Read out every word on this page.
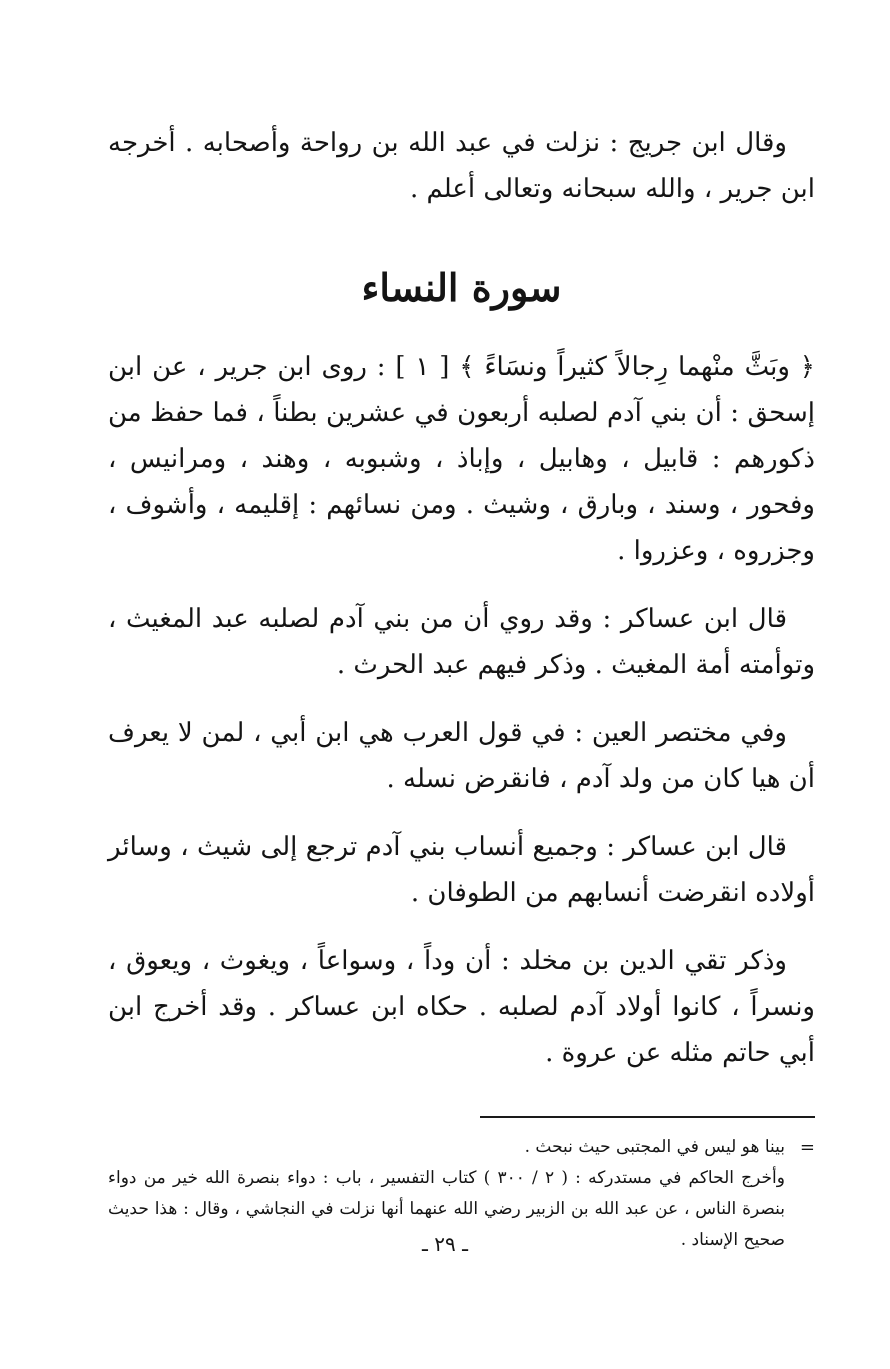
وقال ابن جريج : نزلت في عبد الله بن رواحة وأصحابه . أخرجه ابن جرير ، والله سبحانه وتعالى أعلم .

سورة النساء

﴿ وبَثَّ منْهما رِجالاً كثيراً ونسَاءً ﴾ [ ١ ] : روى ابن جرير ، عن ابن إسحق : أن بني آدم لصلبه أربعون في عشرين بطناً ، فما حفظ من ذكورهم : قابيل ، وهابيل ، وإباذ ، وشبوبه ، وهند ، ومرانيس ، وفحور ، وسند ، وبارق ، وشيث . ومن نسائهم : إقليمه ، وأشوف ، وجزروه ، وعزروا .

قال ابن عساكر : وقد روي أن من بني آدم لصلبه عبد المغيث ، وتوأمته أمة المغيث . وذكر فيهم عبد الحرث .

وفي مختصر العين : في قول العرب هي ابن أبي ، لمن لا يعرف أن هيا كان من ولد آدم ، فانقرض نسله .

قال ابن عساكر : وجميع أنساب بني آدم ترجع إلى شيث ، وسائر أولاده انقرضت أنسابهم من الطوفان .

وذكر تقي الدين بن مخلد : أن وداً ، وسواعاً ، ويغوث ، ويعوق ، ونسراً ، كانوا أولاد آدم لصلبه . حكاه ابن عساكر . وقد أخرج ابن أبي حاتم مثله عن عروة .

=

بينا هو ليس في المجتبى حيث نبحث .

وأخرج الحاكم في مستدركه : ( ٢ / ٣٠٠ ) كتاب التفسير ، باب : دواء بنصرة الله خير من دواء بنصرة الناس ، عن عبد الله بن الزبير رضي الله عنهما أنها نزلت في النجاشي ، وقال : هذا حديث صحيح الإسناد .

ـ ٢٩ ـ
